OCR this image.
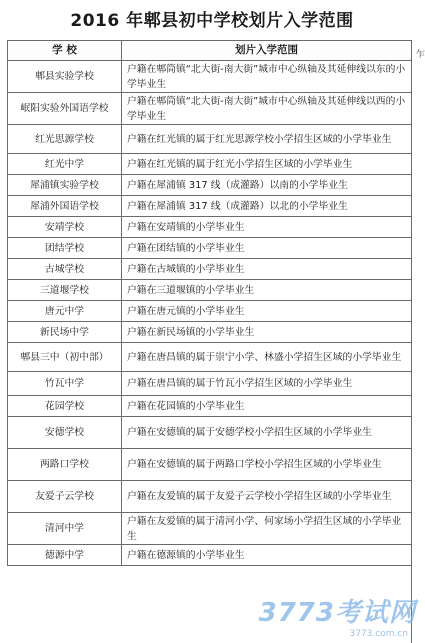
2016 年郫县初中学校划片入学范围
学 校	划片入学范围
郫县实验学校	户籍在郫筒镇“北大街-南大街”城市中心纵轴及其延伸线以东的小学毕业生
岷阳实验外国语学校	户籍在郫筒镇“北大街-南大街”城市中心纵轴及其延伸线以西的小学毕业生
红光思源学校	户籍在红光镇的属于红光思源学校小学招生区域的小学毕业生
红光中学	户籍在红光镇的属于红光小学招生区域的小学毕业生
犀浦镇实验学校	户籍在犀浦镇 317 线（成灌路）以南的小学毕业生
犀浦外国语学校	户籍在犀浦镇 317 线（成灌路）以北的小学毕业生
安靖学校	户籍在安靖镇的小学毕业生
团结学校	户籍在团结镇的小学毕业生
古城学校	户籍在古城镇的小学毕业生
三道堰学校	户籍在三道堰镇的小学毕业生
唐元中学	户籍在唐元镇的小学毕业生
新民场中学	户籍在新民场镇的小学毕业生
郫县三中（初中部）	户籍在唐昌镇的属于崇宁小学、林盛小学招生区域的小学毕业生
竹瓦中学	户籍在唐昌镇的属于竹瓦小学招生区域的小学毕业生
花园学校	户籍在花园镇的小学毕业生
安德学校	户籍在安德镇的属于安德学校小学招生区域的小学毕业生
两路口学校	户籍在安德镇的属于两路口学校小学招生区域的小学毕业生
友爱子云学校	户籍在友爱镇的属于友爱子云学校小学招生区域的小学毕业生
清河中学	户籍在友爱镇的属于清河小学、何家场小学招生区域的小学毕业生
德源中学	户籍在德源镇的小学毕业生
乍
3773考试网
3773.com.cn
